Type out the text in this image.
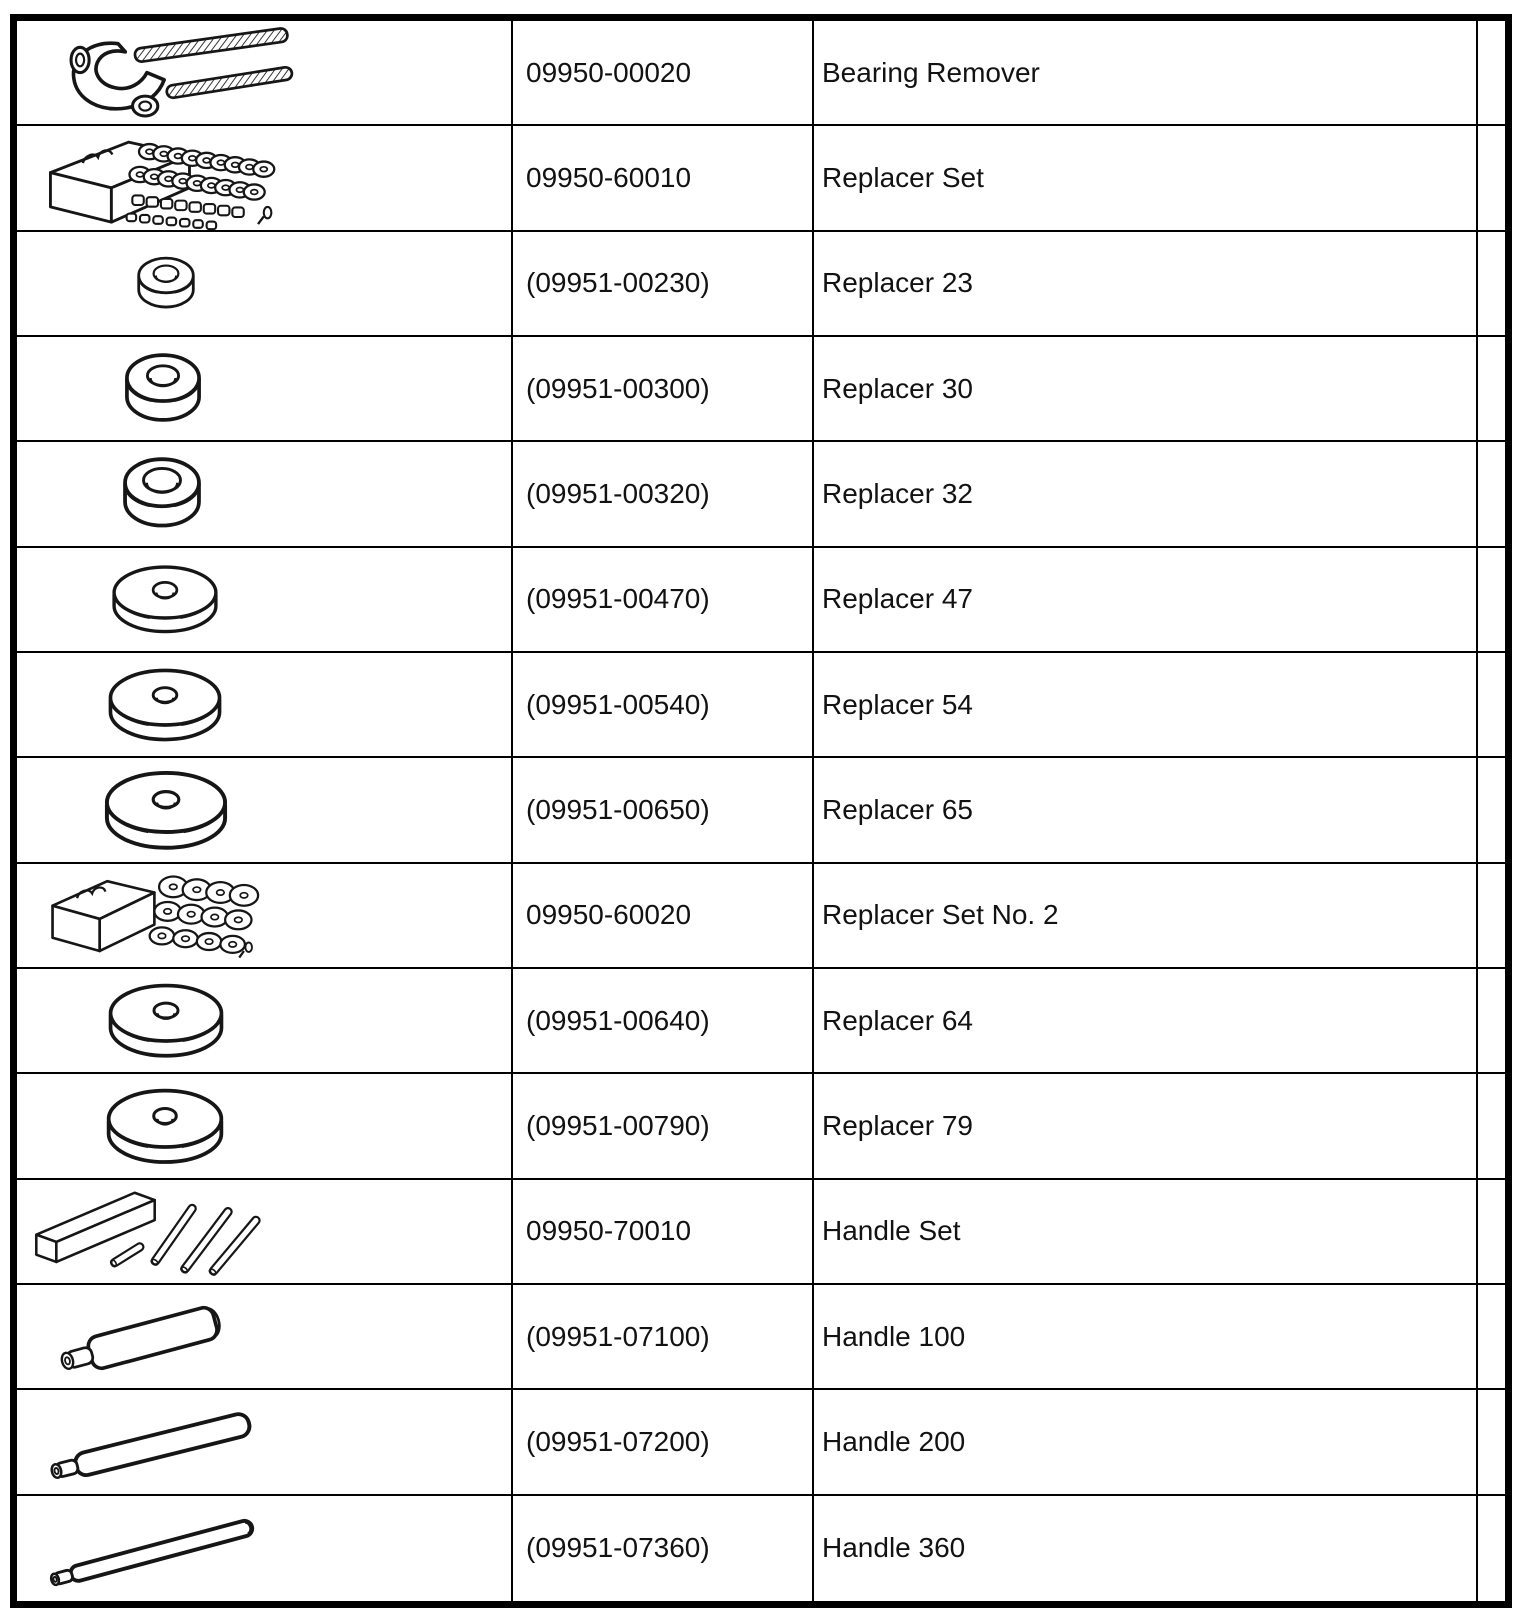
09950-00020	Bearing Remover
09950-60010	Replacer Set
(09951-00230)	Replacer 23
(09951-00300)	Replacer 30
(09951-00320)	Replacer 32
(09951-00470)	Replacer 47
(09951-00540)	Replacer 54
(09951-00650)	Replacer 65
09950-60020	Replacer Set No. 2
(09951-00640)	Replacer 64
(09951-00790)	Replacer 79
09950-70010	Handle Set
(09951-07100)	Handle 100
(09951-07200)	Handle 200
(09951-07360)	Handle 360
